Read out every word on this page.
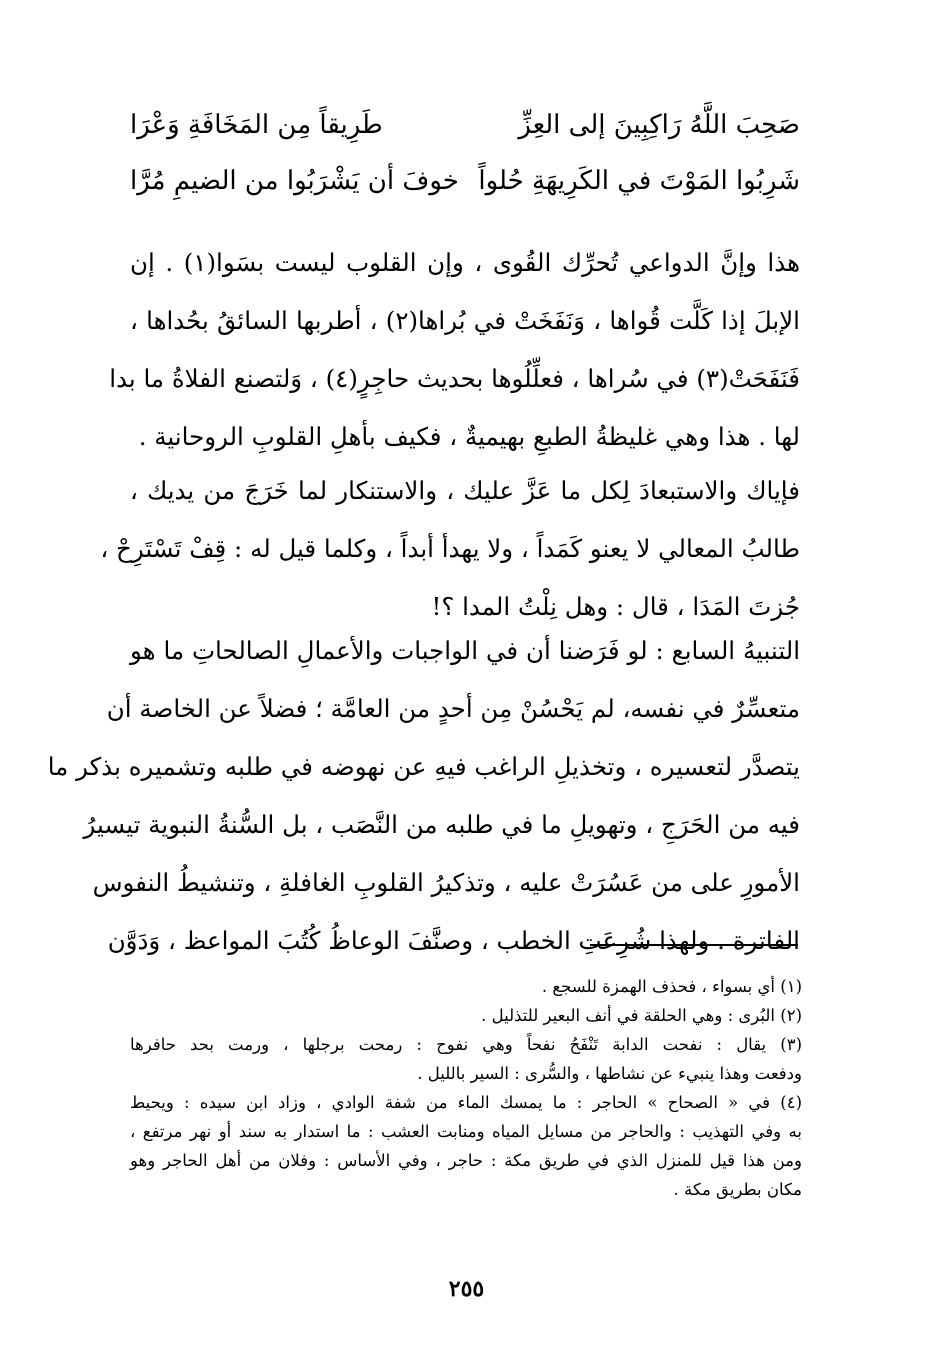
صَحِبَ اللَّهُ رَاكِبِينَ إلى العِزِّ
طَرِيقاً مِن المَخَافَةِ وَعْرَا
شَرِبُوا المَوْتَ في الكَرِيهَةِ حُلواً
خوفَ أن يَشْرَبُوا من الضيمِ مُرَّا
هذا وإنَّ الدواعي تُحرِّك القُوى ، وإن القلوب ليست بسَوا(١) . إن
الإبلَ إذا كَلَّت قُواها ، وَنَفَخَتْ في بُراها(٢) ، أطربها السائقُ بحُداها ،
فَنَفَحَتْ(٣) في سُراها ، فعلِّلُوها بحديث حاجِرٍ(٤) ، وَلتصنع الفلاةُ ما بدا
لها . هذا وهي غليظةُ الطبعِ بهيميةٌ ، فكيف بأهلِ القلوبِ الروحانية .
فإياك والاستبعادَ لِكل ما عَزَّ عليك ، والاستنكار لما خَرَجَ من يديك ،
طالبُ المعالي لا يعنو كَمَداً ، ولا يهدأ أبداً ، وكلما قيل له : قِفْ تَسْتَرِحْ ،
جُزتَ المَدَا ، قال : وهل نِلْتُ المدا ؟!
التنبيهُ السابع : لو فَرَضنا أن في الواجبات والأعمالِ الصالحاتِ ما هو
متعسِّرٌ في نفسه، لم يَحْسُنْ مِن أحدٍ من العامَّة ؛ فضلاً عن الخاصة أن
يتصدَّر لتعسيره ، وتخذيلِ الراغب فيهِ عن نهوضه في طلبه وتشميره بذكر ما
فيه من الحَرَجِ ، وتهويلِ ما في طلبه من النَّصَب ، بل السُّنةُ النبوية تيسيرُ
الأمورِ على من عَسُرَتْ عليه ، وتذكيرُ القلوبِ الغافلةِ ، وتنشيطُ النفوس
الفاترة . ولهذا شُرِعَتِ الخطب ، وصنَّفَ الوعاظُ كُتُبَ المواعظ ، وَدَوَّن
(١) أي بسواء ، فحذف الهمزة للسجع .
(٢) البُرى : وهي الحلقة في أنف البعير للتذليل .
(٣) يقال : نفحت الدابة تَنْفَحُ نفحاً وهي نفوح : رمحت برجلها ، ورمت بحد حافرها
ودفعت وهذا ينبيء عن نشاطها ، والسُّرى : السير بالليل .
(٤) في « الصحاح » الحاجر : ما يمسك الماء من شفة الوادي ، وزاد ابن سيده : ويحيط
به وفي التهذيب : والحاجر من مسايل المياه ومنابت العشب : ما استدار به سند أو نهر مرتفع ،
ومن هذا قيل للمنزل الذي في طريق مكة : حاجر ، وفي الأساس : وفلان من أهل الحاجر وهو
مكان بطريق مكة .
٢٥٥
